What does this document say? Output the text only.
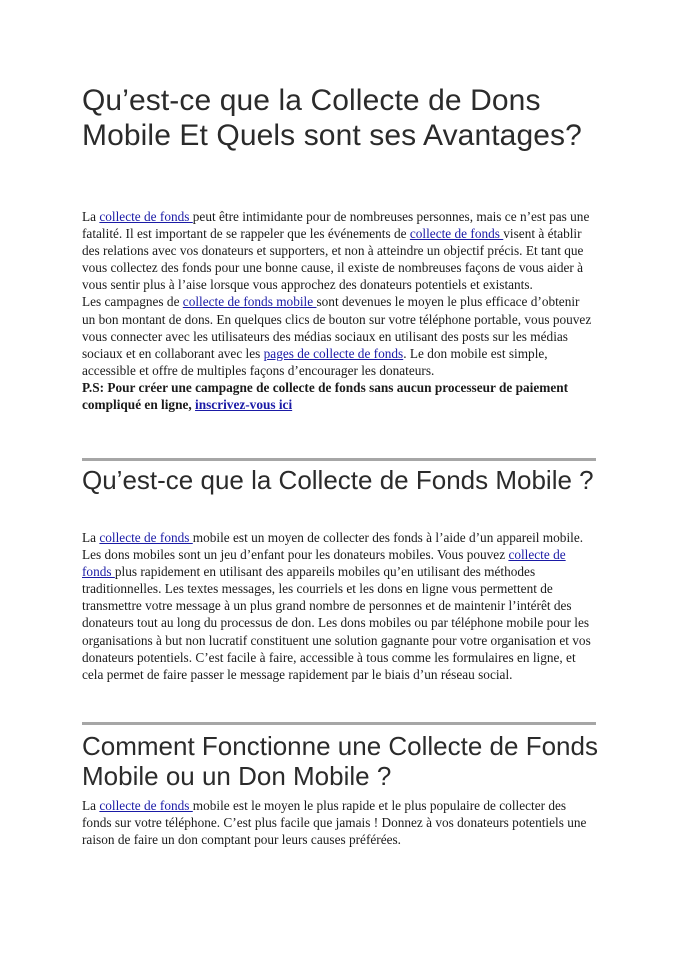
Qu’est-ce que la Collecte de Dons Mobile Et Quels sont ses Avantages?

La collecte de fonds peut être intimidante pour de nombreuses personnes, mais ce n’est pas une fatalité. Il est important de se rappeler que les événements de collecte de fonds visent à établir des relations avec vos donateurs et supporters, et non à atteindre un objectif précis. Et tant que vous collectez des fonds pour une bonne cause, il existe de nombreuses façons de vous aider à vous sentir plus à l’aise lorsque vous approchez des donateurs potentiels et existants.

Les campagnes de collecte de fonds mobile sont devenues le moyen le plus efficace d’obtenir un bon montant de dons. En quelques clics de bouton sur votre téléphone portable, vous pouvez vous connecter avec les utilisateurs des médias sociaux en utilisant des posts sur les médias sociaux et en collaborant avec les pages de collecte de fonds. Le don mobile est simple, accessible et offre de multiples façons d’encourager les donateurs.

P.S: Pour créer une campagne de collecte de fonds sans aucun processeur de paiement compliqué en ligne, inscrivez-vous ici

Qu’est-ce que la Collecte de Fonds Mobile ?

La collecte de fonds mobile est un moyen de collecter des fonds à l’aide d’un appareil mobile. Les dons mobiles sont un jeu d’enfant pour les donateurs mobiles. Vous pouvez collecte de fonds plus rapidement en utilisant des appareils mobiles qu’en utilisant des méthodes traditionnelles. Les textes messages, les courriels et les dons en ligne vous permettent de transmettre votre message à un plus grand nombre de personnes et de maintenir l’intérêt des donateurs tout au long du processus de don. Les dons mobiles ou par téléphone mobile pour les organisations à but non lucratif constituent une solution gagnante pour votre organisation et vos donateurs potentiels. C’est facile à faire, accessible à tous comme les formulaires en ligne, et cela permet de faire passer le message rapidement par le biais d’un réseau social.

Comment Fonctionne une Collecte de Fonds Mobile ou un Don Mobile ?

La collecte de fonds mobile est le moyen le plus rapide et le plus populaire de collecter des fonds sur votre téléphone. C’est plus facile que jamais ! Donnez à vos donateurs potentiels une raison de faire un don comptant pour leurs causes préférées.
